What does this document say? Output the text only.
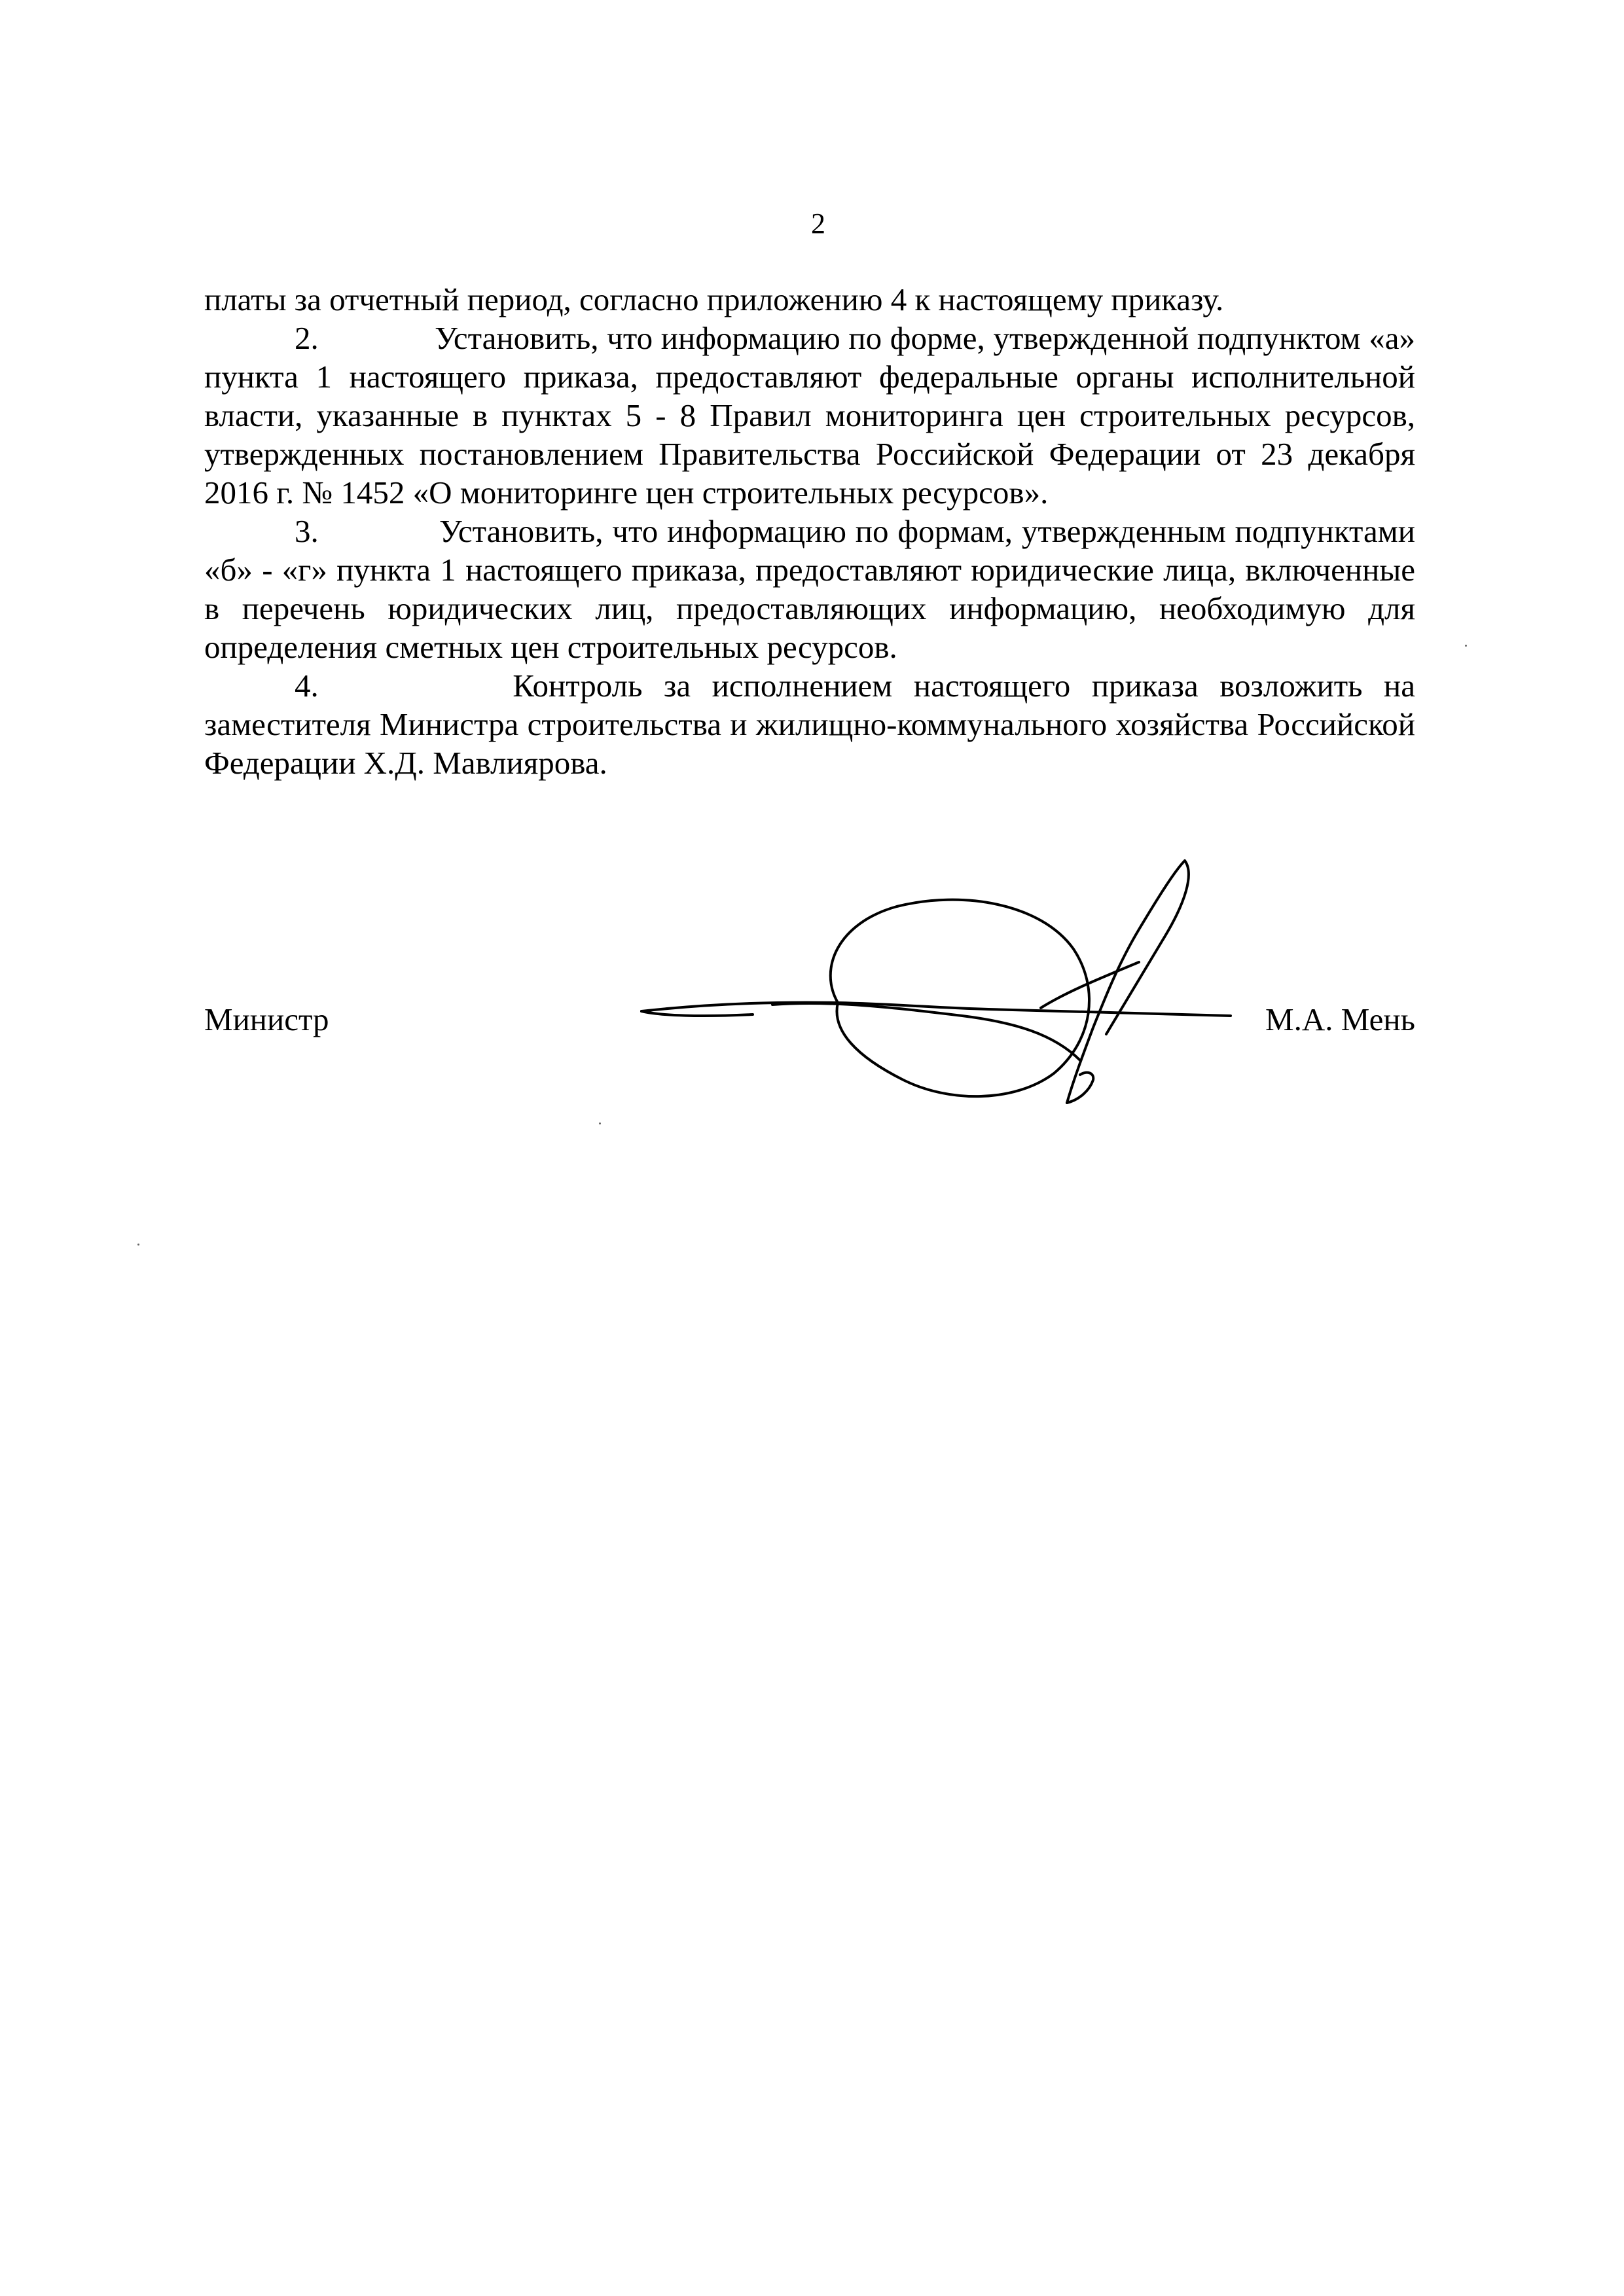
2

платы за отчетный период, согласно приложению 4 к настоящему приказу.

2.	Установить, что информацию по форме, утвержденной подпунктом «а» пункта 1 настоящего приказа, предоставляют федеральные органы исполнительной власти, указанные в пунктах 5 - 8 Правил мониторинга цен строительных ресурсов, утвержденных постановлением Правительства Российской Федерации от 23 декабря 2016 г. № 1452 «О мониторинге цен строительных ресурсов».

3.	Установить, что информацию по формам, утвержденным подпунктами «б» - «г» пункта 1 настоящего приказа, предоставляют юридические лица, включенные в перечень юридических лиц, предоставляющих информацию, необходимую для определения сметных цен строительных ресурсов.

4.	Контроль за исполнением настоящего приказа возложить на заместителя Министра строительства и жилищно-коммунального хозяйства Российской Федерации Х.Д. Мавлиярова.

Министр	М.А. Мень
